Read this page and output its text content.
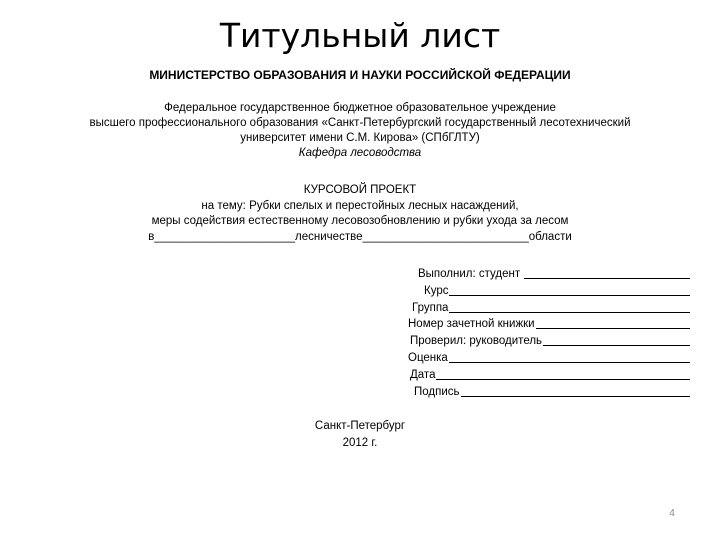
Титульный лист
МИНИСТЕРСТВО ОБРАЗОВАНИЯ И НАУКИ РОССИЙСКОЙ ФЕДЕРАЦИИ
Федеральное государственное бюджетное образовательное учреждение
высшего профессионального образования «Санкт-Петербургский государственный лесотехнический
университет имени С.М. Кирова» (СПбГЛТУ)
Кафедра лесоводства
КУРСОВОЙ ПРОЕКТ
на тему: Рубки спелых и перестойных лесных насаждений,
меры содействия естественному лесовозобновлению и рубки ухода за лесом
в______________________лесничестве__________________________области
Выполнил: студент
Курс
Группа
Номер зачетной книжки
Проверил: руководитель
Оценка
Дата
Подпись
Санкт-Петербург
2012 г.
4
